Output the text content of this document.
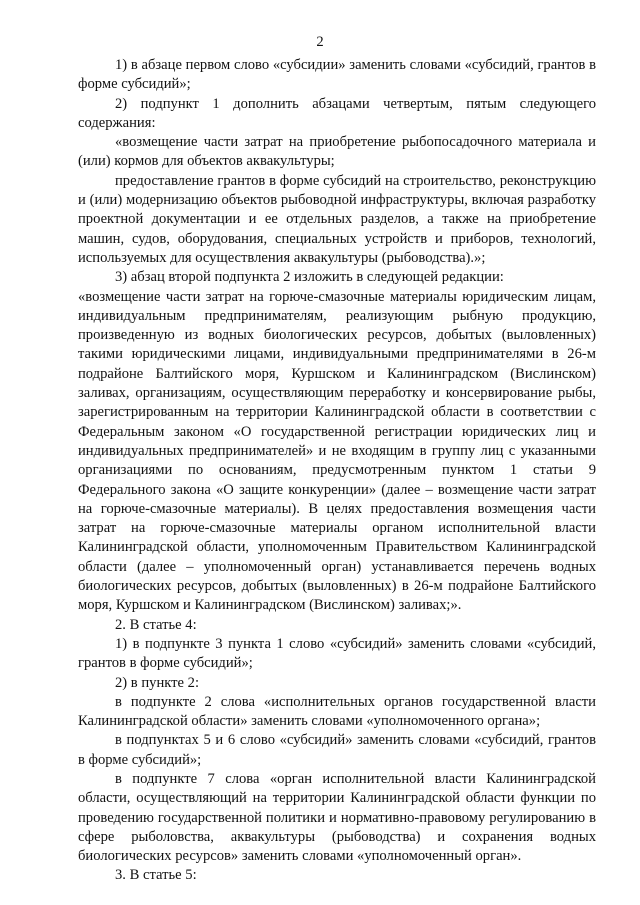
2

1) в абзаце первом слово «субсидии» заменить словами «субсидий, грантов в форме субсидий»;

2) подпункт 1 дополнить абзацами четвертым, пятым следующего содержания:

«возмещение части затрат на приобретение рыбопосадочного материала и (или) кормов для объектов аквакультуры;

предоставление грантов в форме субсидий на строительство, реконструкцию и (или) модернизацию объектов рыбоводной инфраструктуры, включая разработку проектной документации и ее отдельных разделов, а также на приобретение машин, судов, оборудования, специальных устройств и приборов, технологий, используемых для осуществления аквакультуры (рыбоводства).»;

3) абзац второй подпункта 2 изложить в следующей редакции:

«возмещение части затрат на горюче-смазочные материалы юридическим лицам, индивидуальным предпринимателям, реализующим рыбную продукцию, произведенную из водных биологических ресурсов, добытых (выловленных) такими юридическими лицами, индивидуальными предпринимателями в 26-м подрайоне Балтийского моря, Куршском и Калининградском (Вислинском) заливах, организациям, осуществляющим переработку и консервирование рыбы, зарегистрированным на территории Калининградской области в соответствии с Федеральным законом «О государственной регистрации юридических лиц и индивидуальных предпринимателей» и не входящим в группу лиц с указанными организациями по основаниям, предусмотренным пунктом 1 статьи 9 Федерального закона «О защите конкуренции» (далее – возмещение части затрат на горюче-смазочные материалы). В целях предоставления возмещения части затрат на горюче-смазочные материалы органом исполнительной власти Калининградской области, уполномоченным Правительством Калининградской области (далее – уполномоченный орган) устанавливается перечень водных биологических ресурсов, добытых (выловленных) в 26-м подрайоне Балтийского моря, Куршском и Калининградском (Вислинском) заливах;».

2. В статье 4:

1) в подпункте 3 пункта 1 слово «субсидий» заменить словами «субсидий, грантов в форме субсидий»;

2) в пункте 2:

в подпункте 2 слова «исполнительных органов государственной власти Калининградской области» заменить словами «уполномоченного органа»;

в подпунктах 5 и 6 слово «субсидий» заменить словами «субсидий, грантов в форме субсидий»;

в подпункте 7 слова «орган исполнительной власти Калининградской области, осуществляющий на территории Калининградской области функции по проведению государственной политики и нормативно-правовому регулированию в сфере рыболовства, аквакультуры (рыбоводства) и сохранения водных биологических ресурсов» заменить словами «уполномоченный орган».

3. В статье 5:
